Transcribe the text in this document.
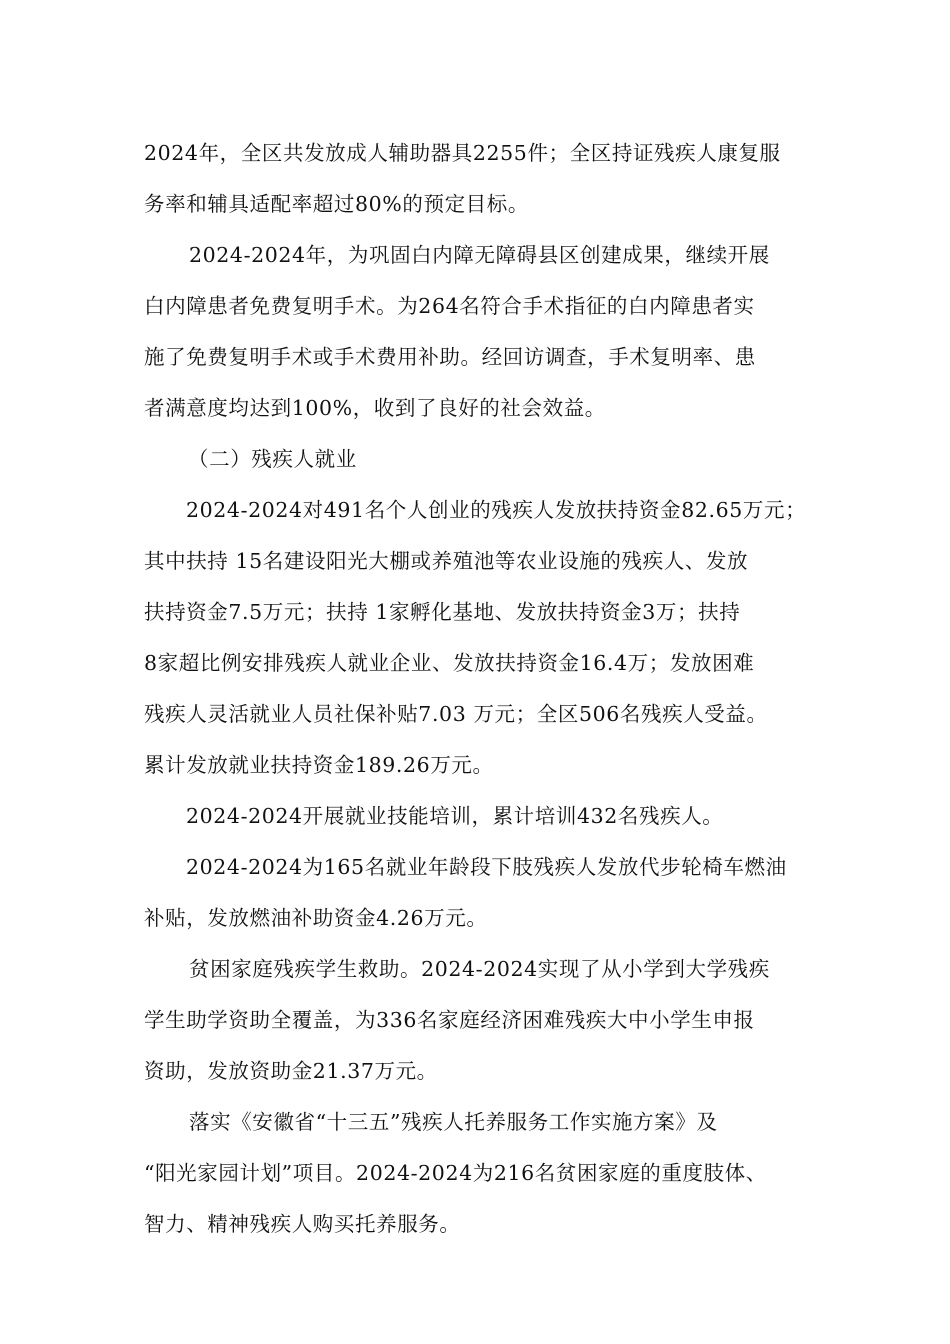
2024年，全区共发放成人辅助器具2255件；全区持证残疾人康复服
务率和辅具适配率超过80%的预定目标。

2024-2024年，为巩固白内障无障碍县区创建成果，继续开展
白内障患者免费复明手术。为264名符合手术指征的白内障患者实
施了免费复明手术或手术费用补助。经回访调查，手术复明率、患
者满意度均达到100%，收到了良好的社会效益。

（二）残疾人就业

2024-2024对491名个人创业的残疾人发放扶持资金82.65万元；
其中扶持 15名建设阳光大棚或养殖池等农业设施的残疾人、发放
扶持资金7.5万元；扶持 1家孵化基地、发放扶持资金3万；扶持
8家超比例安排残疾人就业企业、发放扶持资金16.4万；发放困难
残疾人灵活就业人员社保补贴7.03 万元；全区506名残疾人受益。
累计发放就业扶持资金189.26万元。

2024-2024开展就业技能培训，累计培训432名残疾人。

2024-2024为165名就业年龄段下肢残疾人发放代步轮椅车燃油
补贴，发放燃油补助资金4.26万元。

贫困家庭残疾学生救助。2024-2024实现了从小学到大学残疾
学生助学资助全覆盖，为336名家庭经济困难残疾大中小学生申报
资助，发放资助金21.37万元。

落实《安徽省“十三五”残疾人托养服务工作实施方案》及
“阳光家园计划”项目。2024-2024为216名贫困家庭的重度肢体、
智力、精神残疾人购买托养服务。
